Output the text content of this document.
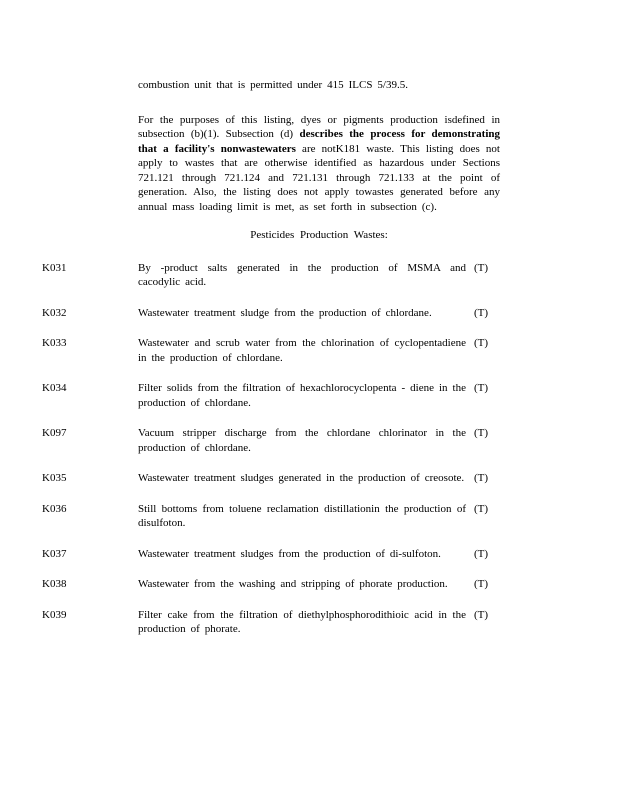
combustion unit that is permitted under 415 ILCS 5/39.5.

For the purposes of this listing, dyes or pigments production isdefined in subsection (b)(1). Subsection (d) describes the process for demonstrating that a facility's nonwastewaters are notK181 waste. This listing does not apply to wastes that are otherwise identified as hazardous under Sections 721.121 through 721.124 and 721.131 through 721.133 at the point of generation. Also, the listing does not apply towastes generated before any annual mass loading limit is met, as set forth in subsection (c).

Pesticides Production Wastes:

K031	By -product salts generated in the production of MSMA and cacodylic acid.
(T)
K032	Wastewater treatment sludge from the production of chlordane.	(T)
K033	Wastewater and scrub water from the chlorination of cyclopentadiene in the production of chlordane.
(T)
K034	Filter solids from the filtration of hexachlorocyclopenta - diene in the production of chlordane.
(T)
K097	Vacuum stripper discharge from the chlordane chlorinator in the production of chlordane.
(T)
K035	Wastewater treatment sludges generated in the production of creosote. (T)
K036	Still bottoms from toluene reclamation distillationin the production of disulfoton.
(T)
K037	Wastewater treatment sludges from the production of di-sulfoton.	(T)
K038	Wastewater from the washing and stripping of phorate production.	(T)
K039	Filter cake from the filtration of diethylphosphorodithioic acid in the production of phorate.
(T)
